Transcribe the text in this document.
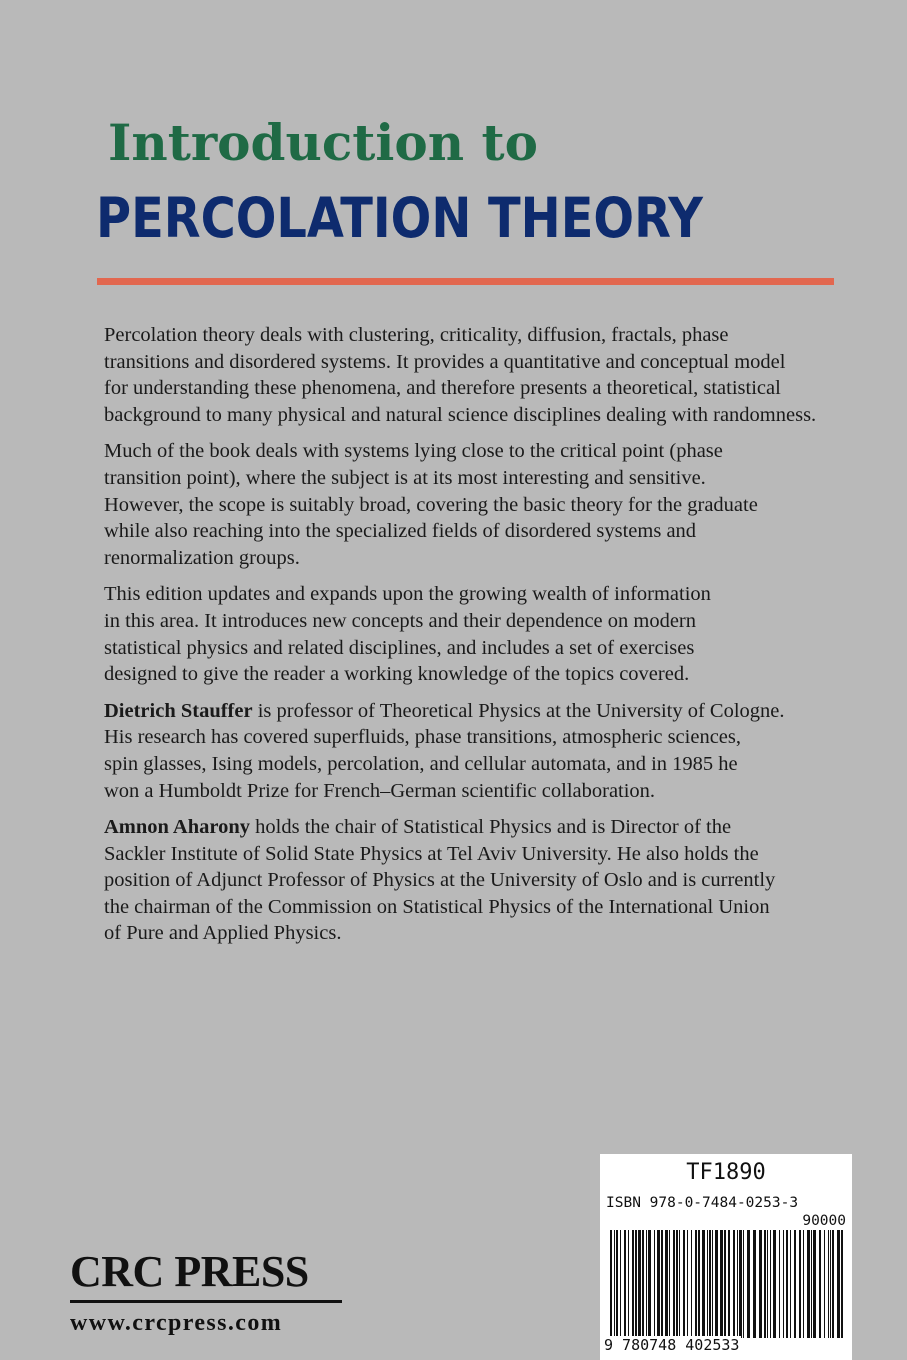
Introduction to
PERCOLATION THEORY

Percolation theory deals with clustering, criticality, diffusion, fractals, phase
transitions and disordered systems. It provides a quantitative and conceptual model
for understanding these phenomena, and therefore presents a theoretical, statistical
background to many physical and natural science disciplines dealing with randomness.

Much of the book deals with systems lying close to the critical point (phase
transition point), where the subject is at its most interesting and sensitive.
However, the scope is suitably broad, covering the basic theory for the graduate
while also reaching into the specialized fields of disordered systems and
renormalization groups.

This edition updates and expands upon the growing wealth of information
in this area. It introduces new concepts and their dependence on modern
statistical physics and related disciplines, and includes a set of exercises
designed to give the reader a working knowledge of the topics covered.

Dietrich Stauffer is professor of Theoretical Physics at the University of Cologne.
His research has covered superfluids, phase transitions, atmospheric sciences,
spin glasses, Ising models, percolation, and cellular automata, and in 1985 he
won a Humboldt Prize for French–German scientific collaboration.

Amnon Aharony holds the chair of Statistical Physics and is Director of the
Sackler Institute of Solid State Physics at Tel Aviv University. He also holds the
position of Adjunct Professor of Physics at the University of Oslo and is currently
the chairman of the Commission on Statistical Physics of the International Union
of Pure and Applied Physics.

CRC PRESS
www.crcpress.com
TF1890
ISBN 978-0-7484-0253-3
90000
9 780748 402533
